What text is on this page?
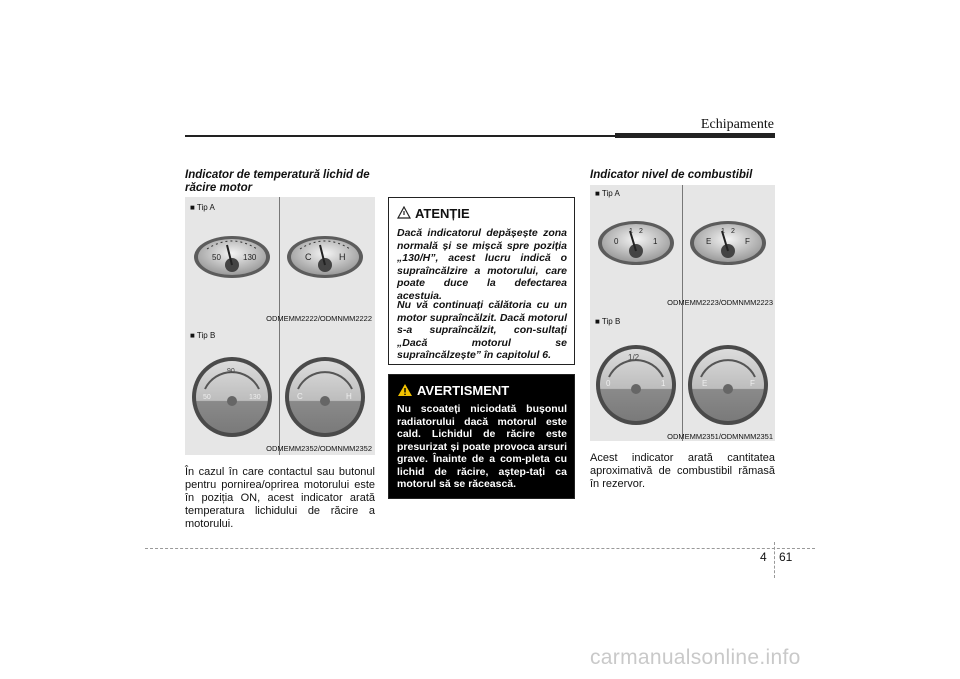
Echipamente
Indicator de temperatură lichid de răcire motor
■ Tip A
50	130	C	H
ODMEMM2222/ODMNMM2222
■ Tip B
90
50	130	C	H
ODMEMM2352/ODMNMM2352
În cazul în care contactul sau butonul pentru pornirea/oprirea motorului este în poziția ON, acest indicator arată temperatura lichidului de răcire a motorului.
ATENȚIE
Dacă indicatorul depășește zona normală și se mișcă spre poziția „130/H”, acest lucru indică o supraîncălzire a motorului, care poate duce la defectarea acestuia.
Nu vă continuați călătoria cu un motor supraîncălzit. Dacă motorul s-a supraîncălzit, con-sultați „Dacă motorul se supraîncălzește” în capitolul 6.
AVERTISMENT
Nu scoateți niciodată bușonul radiatorului dacă motorul este cald. Lichidul de răcire este presurizat și poate provoca arsuri grave. Înainte de a com-pleta cu lichid de răcire, aștep-tați ca motorul să se răcească.
Indicator nivel de combustibil
■ Tip A
0
1 2
1	E
1 2
F
ODMEMM2223/ODMNMM2223
■ Tip B
1/2
0	1	E	F
ODMEMM2351/ODMNMM2351
Acest indicator arată cantitatea aproximativă de combustibil rămasă în rezervor.
4 61
carmanualsonline.info
